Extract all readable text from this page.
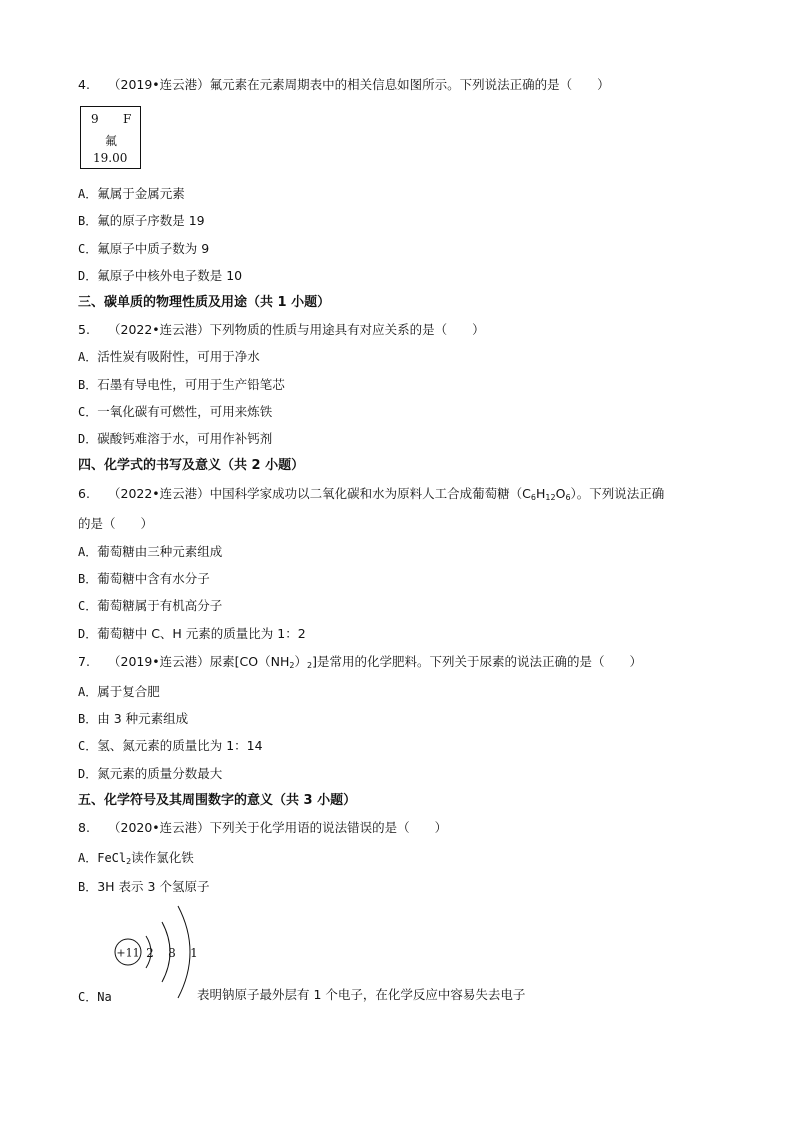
4. （2019•连云港）氟元素在元素周期表中的相关信息如图所示。下列说法正确的是（　　）
9 F
氟
19.00
A．氟属于金属元素
B．氟的原子序数是 19
C．氟原子中质子数为 9
D．氟原子中核外电子数是 10
三、碳单质的物理性质及用途（共 1 小题）
5. （2022•连云港）下列物质的性质与用途具有对应关系的是（　　）
A．活性炭有吸附性，可用于净水
B．石墨有导电性，可用于生产铅笔芯
C．一氧化碳有可燃性，可用来炼铁
D．碳酸钙难溶于水，可用作补钙剂
四、化学式的书写及意义（共 2 小题）
6. （2022•连云港）中国科学家成功以二氧化碳和水为原料人工合成葡萄糖$(C_6H_{12}O_6)$。下列说法正确
的是（　　）
A．葡萄糖由三种元素组成
B．葡萄糖中含有水分子
C．葡萄糖属于有机高分子
D．葡萄糖中 C、H 元素的质量比为 1：2
7. （2019•连云港）尿素$[CO(NH_2)_2]$是常用的化学肥料。下列关于尿素的说法正确的是（　　）
A．属于复合肥
B．由 3 种元素组成
C．氢、氮元素的质量比为 1：14
D．氮元素的质量分数最大
五、化学符号及其周围数字的意义（共 3 小题）
8. （2020•连云港）下列关于化学用语的说法错误的是（　　）
A．FeCl$_2$读作氯化铁
B．3H 表示 3 个氢原子
+11 2 8 1
C．Na	表明钠原子最外层有 1 个电子，在化学反应中容易失去电子
